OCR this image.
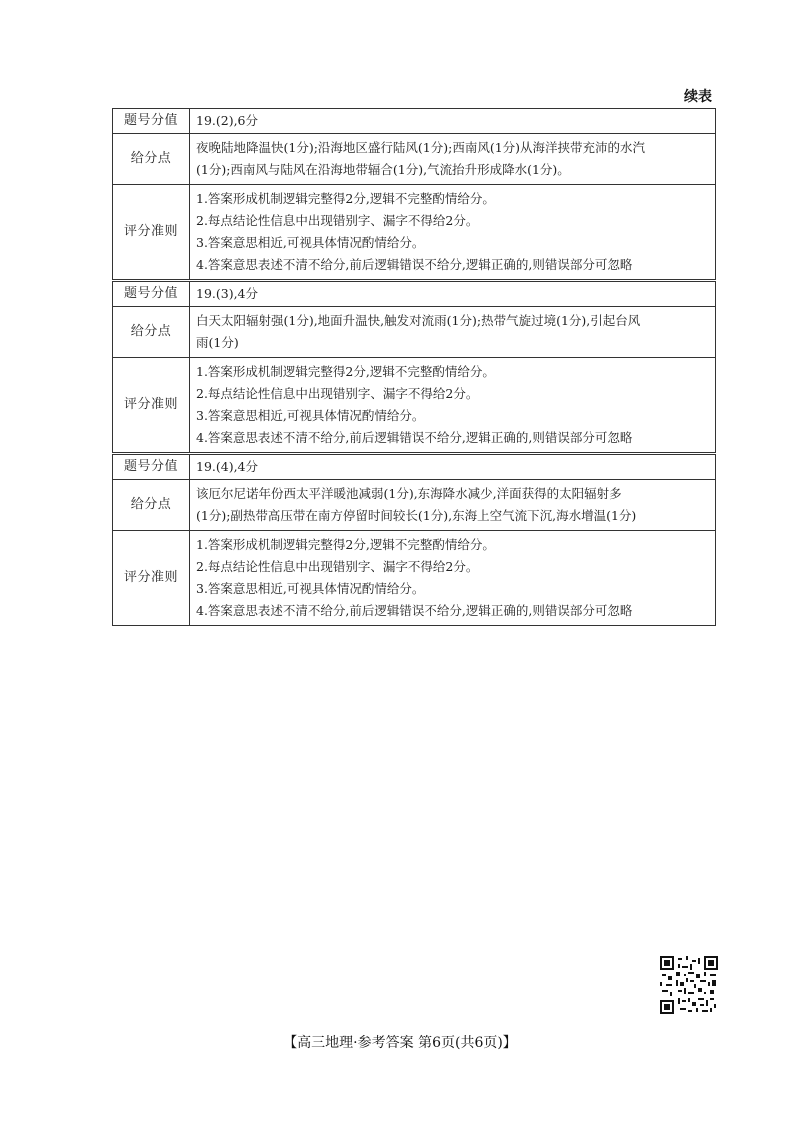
续表
题号分值	19.(2),6分
给分点	夜晚陆地降温快(1分);沿海地区盛行陆风(1分);西南风(1分)从海洋挟带充沛的水汽
(1分);西南风与陆风在沿海地带辐合(1分),气流抬升形成降水(1分)。

评分准则	1.答案形成机制逻辑完整得2分,逻辑不完整酌情给分。
2.每点结论性信息中出现错别字、漏字不得给2分。
3.答案意思相近,可视具体情况酌情给分。
4.答案意思表述不清不给分,前后逻辑错误不给分,逻辑正确的,则错误部分可忽略

题号分值	19.(3),4分
给分点	白天太阳辐射强(1分),地面升温快,触发对流雨(1分);热带气旋过境(1分),引起台风
雨(1分)

评分准则	1.答案形成机制逻辑完整得2分,逻辑不完整酌情给分。
2.每点结论性信息中出现错别字、漏字不得给2分。
3.答案意思相近,可视具体情况酌情给分。
4.答案意思表述不清不给分,前后逻辑错误不给分,逻辑正确的,则错误部分可忽略

题号分值	19.(4),4分
给分点	该厄尔尼诺年份西太平洋暖池减弱(1分),东海降水减少,洋面获得的太阳辐射多
(1分);副热带高压带在南方停留时间较长(1分),东海上空气流下沉,海水增温(1分)

评分准则	1.答案形成机制逻辑完整得2分,逻辑不完整酌情给分。
2.每点结论性信息中出现错别字、漏字不得给2分。
3.答案意思相近,可视具体情况酌情给分。
4.答案意思表述不清不给分,前后逻辑错误不给分,逻辑正确的,则错误部分可忽略
【高三地理·参考答案 第6页(共6页)】
